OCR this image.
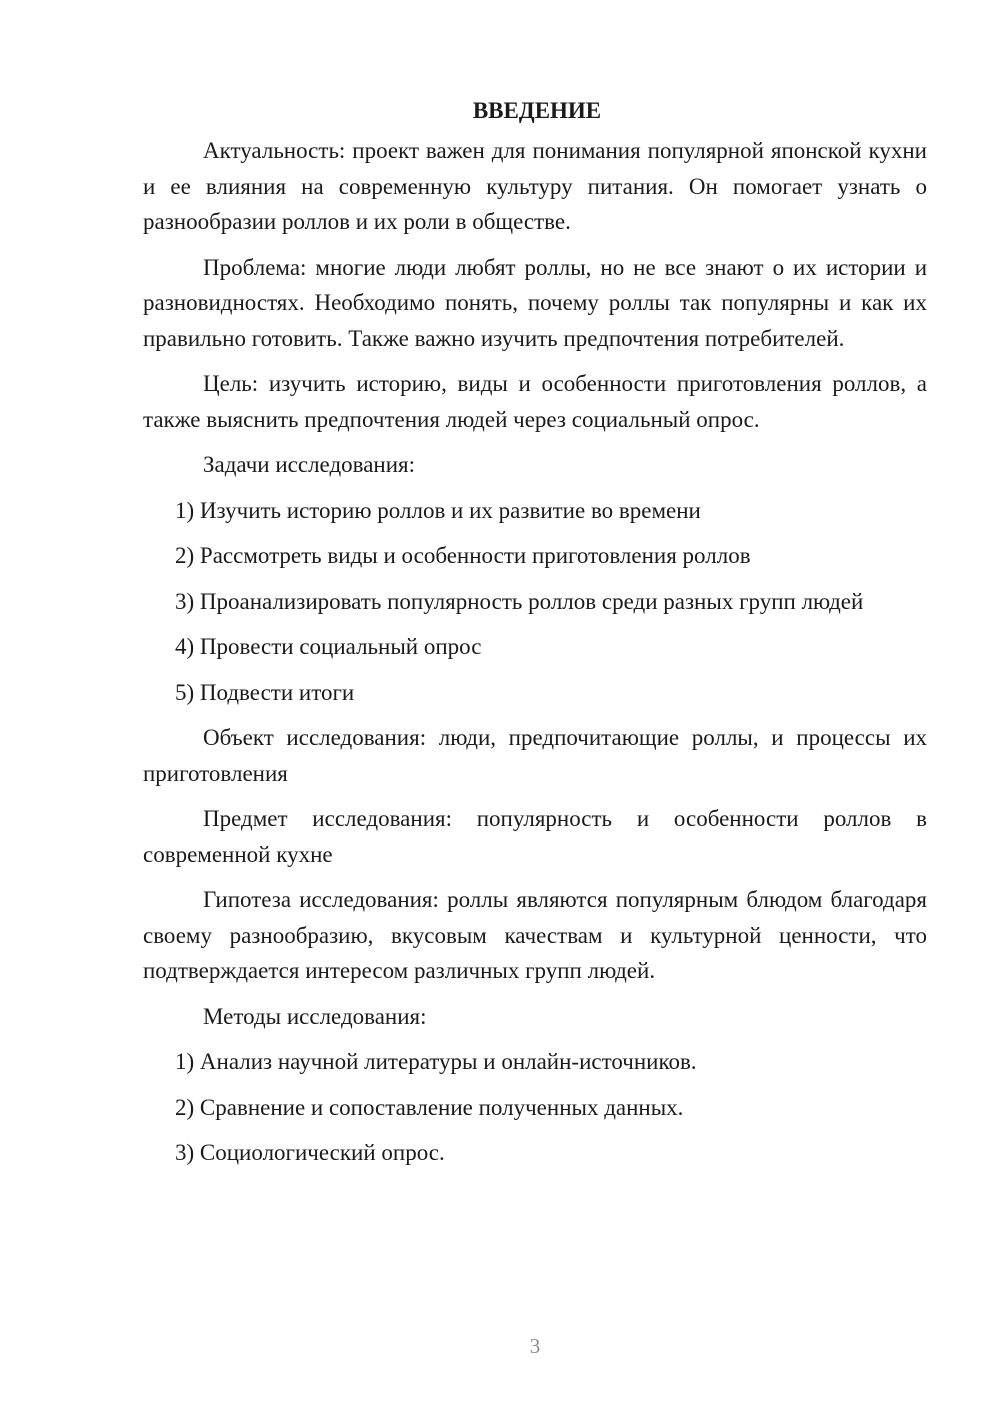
ВВЕДЕНИЕ

Актуальность: проект важен для понимания популярной японской кухни и ее влияния на современную культуру питания. Он помогает узнать о разнообразии роллов и их роли в обществе.

Проблема: многие люди любят роллы, но не все знают о их истории и разновидностях. Необходимо понять, почему роллы так популярны и как их правильно готовить. Также важно изучить предпочтения потребителей.

Цель: изучить историю, виды и особенности приготовления роллов, а также выяснить предпочтения людей через социальный опрос.

Задачи исследования:

1) Изучить историю роллов и их развитие во времени
2) Рассмотреть виды и особенности приготовления роллов
3) Проанализировать популярность роллов среди разных групп людей
4) Провести социальный опрос
5) Подвести итоги

Объект исследования: люди, предпочитающие роллы, и процессы их приготовления

Предмет исследования: популярность и особенности роллов в современной кухне

Гипотеза исследования: роллы являются популярным блюдом благодаря своему разнообразию, вкусовым качествам и культурной ценности, что подтверждается интересом различных групп людей.

Методы исследования:

1) Анализ научной литературы и онлайн-источников.
2) Сравнение и сопоставление полученных данных.
3) Социологический опрос.
3
